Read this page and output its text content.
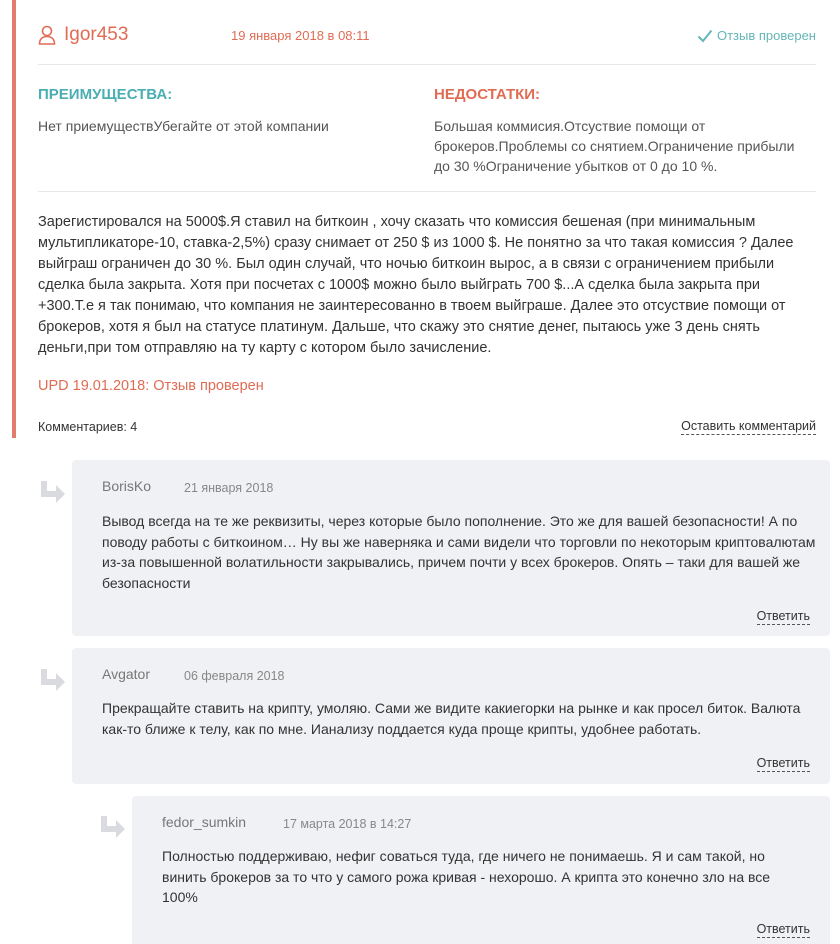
Igor453	19 января 2018 в 08:11	Отзыв проверен
ПРЕИМУЩЕСТВА:	НЕДОСТАТКИ:
Нет приемуществУбегайте от этой компании	Большая коммисия.Отсуствие помощи от брокеров.Проблемы со снятием.Ограничение прибыли до 30 %Ограничение убытков от 0 до 10 %.
Зарегистировался на 5000$.Я ставил на биткоин , хочу сказать что комиссия бешеная (при минимальным мультипликаторе-10, ставка-2,5%) сразу снимает от 250 $ из 1000 $. Не понятно за что такая комиссия ? Далее выйграш ограничен до 30 %. Был один случай, что ночью биткоин вырос, а в связи с ограничением прибыли сделка была закрыта. Хотя при посчетах с 1000$ можно было выйграть 700 $...А сделка была закрыта при +300.Т.е я так понимаю, что компания не заинтересованно в твоем выйграше. Далее это отсуствие помощи от брокеров, хотя я был на статусе платинум. Дальше, что скажу это снятие денег, пытаюсь уже 3 день снять деньги,при том отправляю на ту карту с котором было зачисление.
UPD 19.01.2018: Отзыв проверен
Комментариев: 4	Оставить комментарий
BorisKo	21 января 2018
Вывод всегда на те же реквизиты, через которые было пополнение. Это же для вашей безопасности! А по поводу работы с биткоином… Ну вы же наверняка и сами видели что торговли по некоторым криптовалютам из-за повышенной волатильности закрывались, причем почти у всех брокеров. Опять – таки для вашей же безопасности
Ответить
Avgator	06 февраля 2018
Прекращайте ставить на крипту, умоляю. Сами же видите какиегорки на рынке и как просел биток. Валюта как-то ближе к телу, как по мне. Ианализу поддается куда проще крипты, удобнее работать.
Ответить
fedor_sumkin	17 марта 2018 в 14:27
Полностью поддерживаю, нефиг соваться туда, где ничего не понимаешь. Я и сам такой, но винить брокеров за то что у самого рожа кривая - нехорошо. А крипта это конечно зло на все 100%
Ответить
